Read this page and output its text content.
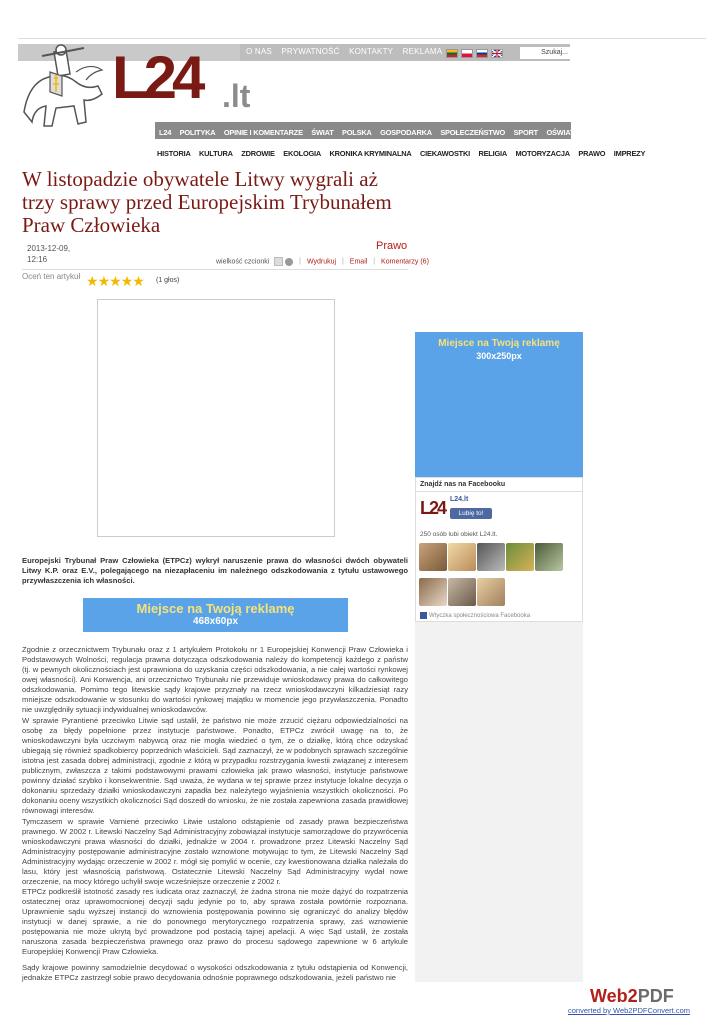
O NAS PRYWATNOŚĆ KONTAKTY REKLAMA	Szukaj...
L24 .lt
L24 POLITYKA OPINIE I KOMENTARZE ŚWIAT POLSKA GOSPODARKA SPOŁECZEŃSTWO SPORT OŚWIATA KOBI
HISTORIA KULTURA ZDROWIE EKOLOGIA KRONIKA KRYMINALNA CIEKAWOSTKI RELIGIA MOTORYZACJA PRAWO IMPREZY
W listopadzie obywatele Litwy wygrali aż trzy sprawy przed Europejskim Trybunałem Praw Człowieka
2013-12-09, 12:16
Prawo
wielkość czcionki	| Wydrukuj | Email | Komentarzy (6)
Oceń ten artykuł ★★★★★ (1 głos)
Europejski Trybunał Praw Człowieka (ETPCz) wykrył naruszenie prawa do własności dwóch obywateli Litwy K.P. oraz E.V., polegającego na niezapłaceniu im należnego odszkodowania z tytułu ustawowego przywłaszczenia ich własności.
Miejsce na Twoją reklamę
468x60px
Zgodnie z orzecznictwem Trybunału oraz z 1 artykułem Protokołu nr 1 Europejskiej Konwencji Praw Człowieka i Podstawowych Wolności, regulacja prawna dotycząca odszkodowania należy do kompetencji każdego z państw (tj. w pewnych okolicznościach jest uprawniona do uzyskania części odszkodowania, a nie całej wartości rynkowej owej własności). Ani Konwencja, ani orzecznictwo Trybunału nie przewiduje wnioskodawcy prawa do całkowitego odszkodowania. Pomimo tego litewskie sądy krajowe przyznały na rzecz wnioskodawczyni kilkadziesiąt razy mniejsze odszkodowanie w stosunku do wartości rynkowej majątku w momencie jego przywłaszczenia. Ponadto nie uwzględniły sytuacji indywidualnej wnioskodawców.
W sprawie Pyrantienė przeciwko Litwie sąd ustalił, że państwo nie może zrzucić ciężaru odpowiedzialności na osobę za błędy popełnione przez instytucje państwowe. Ponadto, ETPCz zwrócił uwagę na to, że wnioskodawczyni była uczciwym nabywcą oraz nie mogła wiedzieć o tym, że o działkę, którą chce odzyskać ubiegają się również spadkobiercy poprzednich właścicieli. Sąd zaznaczył, że w podobnych sprawach szczególnie istotna jest zasada dobrej administracji, zgodnie z którą w przypadku rozstrzygania kwestii związanej z interesem publicznym, zwłaszcza z takimi podstawowymi prawami człowieka jak prawo własności, instytucje państwowe powinny działać szybko i konsekwentnie. Sąd uważa, że wydana w tej sprawie przez instytucje lokalne decyzja o dokonaniu sprzedaży działki wnioskodawczyni zapadła bez należytego wyjaśnienia wszystkich okoliczności. Po dokonaniu oceny wszystkich okoliczności Sąd doszedł do wniosku, że nie została zapewniona zasada prawidłowej równowagi interesów.
Tymczasem w sprawie Varnienė przeciwko Litwie ustalono odstąpienie od zasady prawa bezpieczeństwa prawnego. W 2002 r. Litewski Naczelny Sąd Administracyjny zobowiązał instytucje samorządowe do przywrócenia wnioskodawczyni prawa własności do działki, jednakże w 2004 r. prowadzone przez Litewski Naczelny Sąd Administracyjny postępowanie administracyjne zostało wznowione motywując to tym, że Litewski Naczelny Sąd Administracyjny wydając orzeczenie w 2002 r. mógł się pomylić w ocenie, czy kwestionowana działka należała do lasu, który jest własnością państwową. Ostatecznie Litewski Naczelny Sąd Administracyjny wydał nowe orzeczenie, na mocy którego uchylił swoje wcześniejsze orzeczenie z 2002 r.
ETPCz podkreślił istotność zasady res iudicata oraz zaznaczył, że żadna strona nie może dążyć do rozpatrzenia ostatecznej oraz uprawomocnionej decyzji sądu jedynie po to, aby sprawa została powtórnie rozpoznana. Uprawnienie sądu wyższej instancji do wznowienia postępowania powinno się ograniczyć do analizy błędów instytucji w danej sprawie, a nie do ponownego merytorycznego rozpatrzenia sprawy, zaś wznowienie postępowania nie może ukrytą być prowadzone pod postacią tajnej apelacji. A więc Sąd ustalił, że została naruszona zasada bezpieczeństwa prawnego oraz prawo do procesu sądowego zapewnione w 6 artykule Europejskiej Konwencji Praw Człowieka.
Sądy krajowe powinny samodzielnie decydować o wysokości odszkodowania z tytułu odstąpienia od Konwencji, jednakże ETPCz zastrzegł sobie prawo decydowania odnośnie poprawnego odszkodowania, jeżeli państwo nie
Miejsce na Twoją reklamę
300x250px
Znajdź nas na Facebooku
L24 L24.lt
Lubię to!
250 osób lubi obiekt L24.lt.
Wtyczka społecznościowa Facebooka
Web2PDF
converted by Web2PDFConvert.com
